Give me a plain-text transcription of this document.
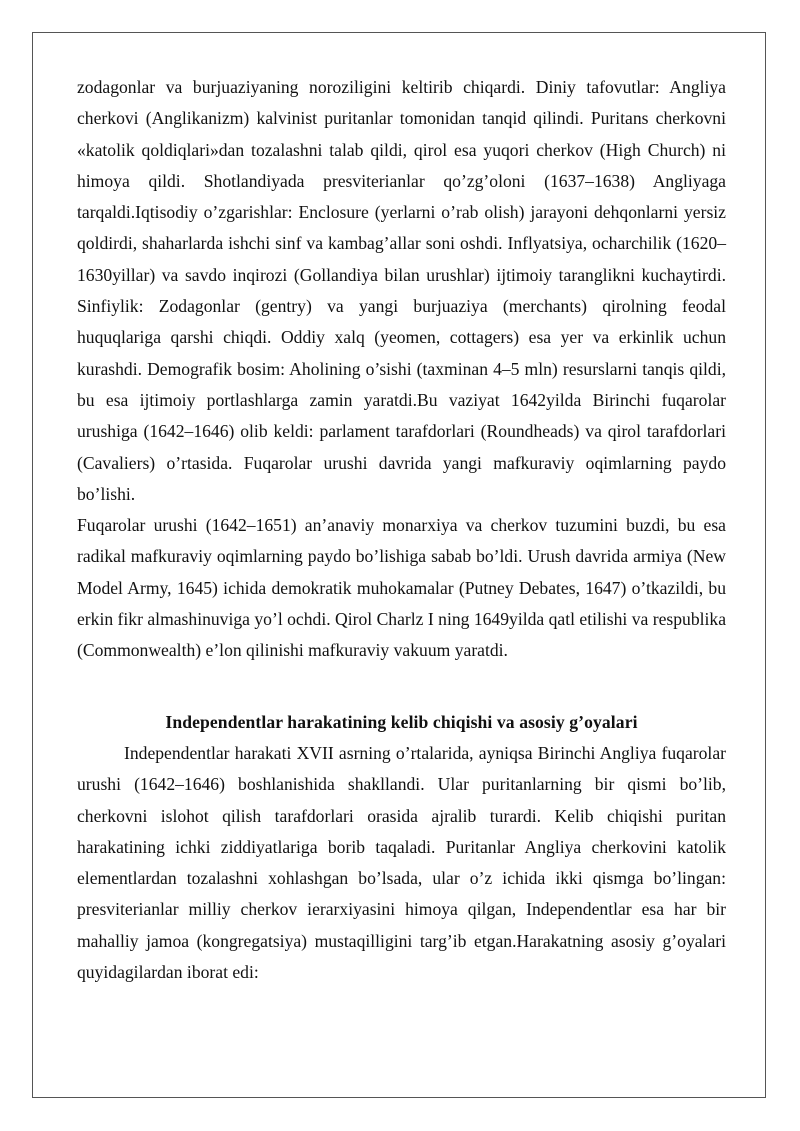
zodagonlar va burjuaziyaning noroziligini keltirib chiqardi. Diniy tafovutlar: Angliya cherkovi (Anglikanizm) kalvinist puritanlar tomonidan tanqid qilindi. Puritans cherkovni «katolik qoldiqlari»dan tozalashni talab qildi, qirol esa yuqori cherkov (High Church) ni himoya qildi. Shotlandiyada presviterianlar qo’zg’oloni (1637–1638) Angliyaga tarqaldi.Iqtisodiy o’zgarishlar: Enclosure (yerlarni o’rab olish) jarayoni dehqonlarni yersiz qoldirdi, shaharlarda ishchi sinf va kambag’allar soni oshdi. Inflyatsiya, ocharchilik (1620–1630yillar) va savdo inqirozi (Gollandiya bilan urushlar) ijtimoiy taranglikni kuchaytirdi. Sinfiylik: Zodagonlar (gentry) va yangi burjuaziya (merchants) qirolning feodal huquqlariga qarshi chiqdi. Oddiy xalq (yeomen, cottagers) esa yer va erkinlik uchun kurashdi. Demografik bosim: Aholining o’sishi (taxminan 4–5 mln) resurslarni tanqis qildi, bu esa ijtimoiy portlashlarga zamin yaratdi.Bu vaziyat 1642yilda Birinchi fuqarolar urushiga (1642–1646) olib keldi: parlament tarafdorlari (Roundheads) va qirol tarafdorlari (Cavaliers) o’rtasida. Fuqarolar urushi davrida yangi mafkuraviy oqimlarning paydo bo’lishi.

Fuqarolar urushi (1642–1651) an’anaviy monarxiya va cherkov tuzumini buzdi, bu esa radikal mafkuraviy oqimlarning paydo bo’lishiga sabab bo’ldi. Urush davrida armiya (New Model Army, 1645) ichida demokratik muhokamalar (Putney Debates, 1647) o’tkazildi, bu erkin fikr almashinuviga yo’l ochdi. Qirol Charlz I ning 1649yilda qatl etilishi va respublika (Commonwealth) e’lon qilinishi mafkuraviy vakuum yaratdi.

Independentlar harakatining kelib chiqishi va asosiy g’oyalari

Independentlar harakati XVII asrning o’rtalarida, ayniqsa Birinchi Angliya fuqarolar urushi (1642–1646) boshlanishida shakllandi. Ular puritanlarning bir qismi bo’lib, cherkovni islohot qilish tarafdorlari orasida ajralib turardi. Kelib chiqishi puritan harakatining ichki ziddiyatlariga borib taqaladi. Puritanlar Angliya cherkovini katolik elementlardan tozalashni xohlashgan bo’lsada, ular o’z ichida ikki qismga bo’lingan: presviterianlar milliy cherkov ierarxiyasini himoya qilgan, Independentlar esa har bir mahalliy jamoa (kongregatsiya) mustaqilligini targ’ib etgan.Harakatning asosiy g’oyalari quyidagilardan iborat edi:
